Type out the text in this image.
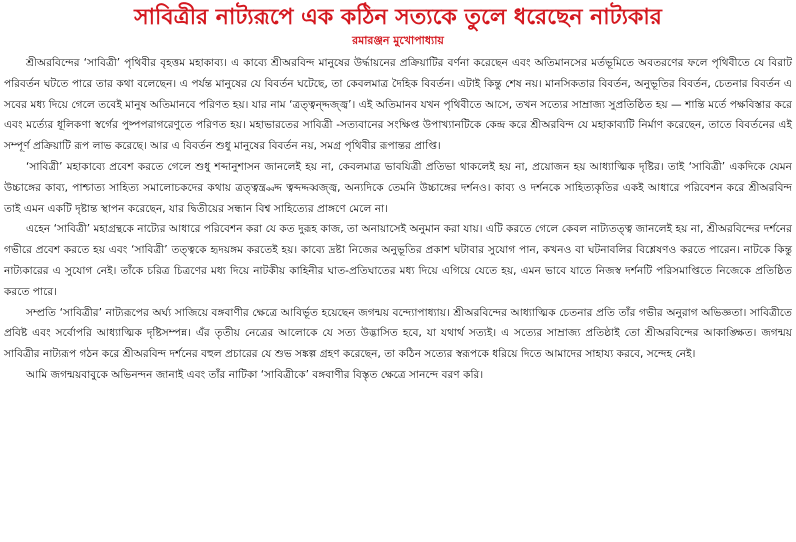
সাবিত্রীর নাট্যরূপে এক কঠিন সত্যকে তুলে ধরেছেন নাট্যকার
রমারঞ্জন মুখোপাধ্যায়

শ্রীঅরবিন্দের ‘সাবিত্রী’ পৃথিবীর বৃহত্তম মহাকাব্য। এ কাব্যে শ্রীঅরবিন্দ মানুষের উর্দ্ধায়নের প্রক্রিয়াটির বর্ণনা করেছেন এবং অতিমানসের মর্তভূমিতে অবতরণের ফলে পৃথিবীতে যে বিরাট পরিবর্তন ঘটতে পারে তার কথা বলেছেন। এ পর্যন্ত মানুষের যে বিবর্তন ঘটেছে, তা কেবলমাত্র দৈহিক বিবর্তন। এটাই কিন্তু শেষ নয়। মানসিকতার বিবর্তন, অনুভূতির বিবর্তন, চেতনার বিবর্তন এ সবের মধ্য দিয়ে গেলে তবেই মানুষ অতিমানবে পরিণত হয়। যার নাম ‘ত্রত্ত্বন্দ্দজ্জ্ব’। এই অতিমানব যখন পৃথিবীতে আসে, তখন সত্যের সাম্রাজ্য সুপ্রতিষ্ঠিত হয় — শান্তি মর্তে পক্ষবিস্তার করে এবং মর্ত্যের ধূলিকণা স্বর্গের পুষ্পপরাগরেণুতে পরিণত হয়। মহাভারতের সাবিত্রী -সত্যবানের সংক্ষিপ্ত উপাখ্যানটিকে কেন্দ্র করে শ্রীঅরবিন্দ যে মহাকাব্যটি নির্মাণ করেছেন, তাতে বিবর্তনের এই সম্পূর্ণ প্রক্রিয়াটি রূপ লাভ করেছে। আর এ বিবর্তন শুধু মানুষের বিবর্তন নয়, সমগ্র পৃথিবীর রূপান্তর প্রাপ্তি।

‘সাবিত্রী’ মহাকাব্যে প্রবেশ করতে গেলে শুধু শব্দানুশাসন জানলেই হয় না, কেবলমাত্র ভাবযিত্রী প্রতিভা থাকলেই হয় না, প্রয়োজন হয় আধ্যাত্মিক দৃষ্টির। তাই ‘সাবিত্রী’ একদিকে যেমন উচ্চাঙ্গের কাব্য, পাশ্চাত্য সাহিত্য সমালোচকদের কথায় ত্রত্ত্বন্ত্র্ব্বদ্দ ত্বব্দদ্দব্বজ্জ্ব, অন্যদিকে তেমনি উচ্চাঙ্গের দর্শনও। কাব্য ও দর্শনকে সাহিত্যকৃতির একই আধারে পরিবেশন করে শ্রীঅরবিন্দ তাই এমন একটি দৃষ্টান্ত স্থাপন করেছেন, যার দ্বিতীয়ের সন্ধান বিশ্ব সাহিত্যের প্রাঙ্গণে মেলে না।

এহেন ‘সাবিত্রী’ মহাগ্রন্থকে নাট্যের আধারে পরিবেশন করা যে কত দুরূহ কাজ, তা অনায়াসেই অনুমান করা যায়। এটি করতে গেলে কেবল নাট্যতত্ত্ব জানলেই হয় না, শ্রীঅরবিন্দের দর্শনের গভীরে প্রবেশ করতে হয় এবং ‘সাবিত্রী’ তত্ত্বকে হৃদয়ঙ্গম করতেই হয়। কাব্যে দ্রষ্টা নিজের অনুভূতির প্রকাশ ঘটাবার সুযোগ পান, কখনও বা ঘটনাবলির বিশ্লেষণও করতে পারেন। নাটকে কিন্তু নাট্যকারের এ সুযোগ নেই। তাঁকে চরিত্র চিত্রণের মধ্য দিয়ে নাটকীয় কাহিনীর ঘাত-প্রতিঘাতের মধ্য দিয়ে এগিয়ে যেতে হয়, এমন ভাবে যাতে নিজস্ব দর্শনটি পরিসমাপ্তিতে নিজেকে প্রতিষ্ঠিত করতে পারে।

সম্প্রতি ‘সাবিত্রীর’ নাট্যরূপের অর্ঘ্য সাজিয়ে বঙ্গবাণীর ক্ষেত্রে আবির্ভূত হয়েছেন জগন্ময় বন্দ্যোপাধ্যায়। শ্রীঅরবিন্দের আধ্যাত্মিক চেতনার প্রতি তাঁর গভীর অনুরাগ অভিজ্ঞতা। সাবিত্রীতে প্রবিষ্ট এবং সর্বোপরি আধ্যাত্মিক দৃষ্টিসম্পন্ন। এঁর তৃতীয় নেত্রের আলোকে যে সত্য উদ্ভাসিত হবে, যা যথার্থ সত্যই। এ সত্যের সাম্রাজ্য প্রতিষ্ঠাই তো শ্রীঅরবিন্দের আকাঙ্ক্ষিত। জগন্ময় সাবিত্রীর নাট্যরূপ গঠন করে শ্রীঅরবিন্দ দর্শনের বহুল প্রচারের যে শুভ সঙ্কল্প গ্রহণ করেছেন, তা কঠিন সত্যের স্বরূপকে ধরিয়ে দিতে আমাদের সাহায্য করবে, সন্দেহ নেই।

আমি জগন্ময়বাবুকে অভিনন্দন জানাই এবং তাঁর নাটিকা ‘সাবিত্রীকে’ বঙ্গবাণীর বিস্তৃত ক্ষেত্রে সানন্দে বরণ করি।
